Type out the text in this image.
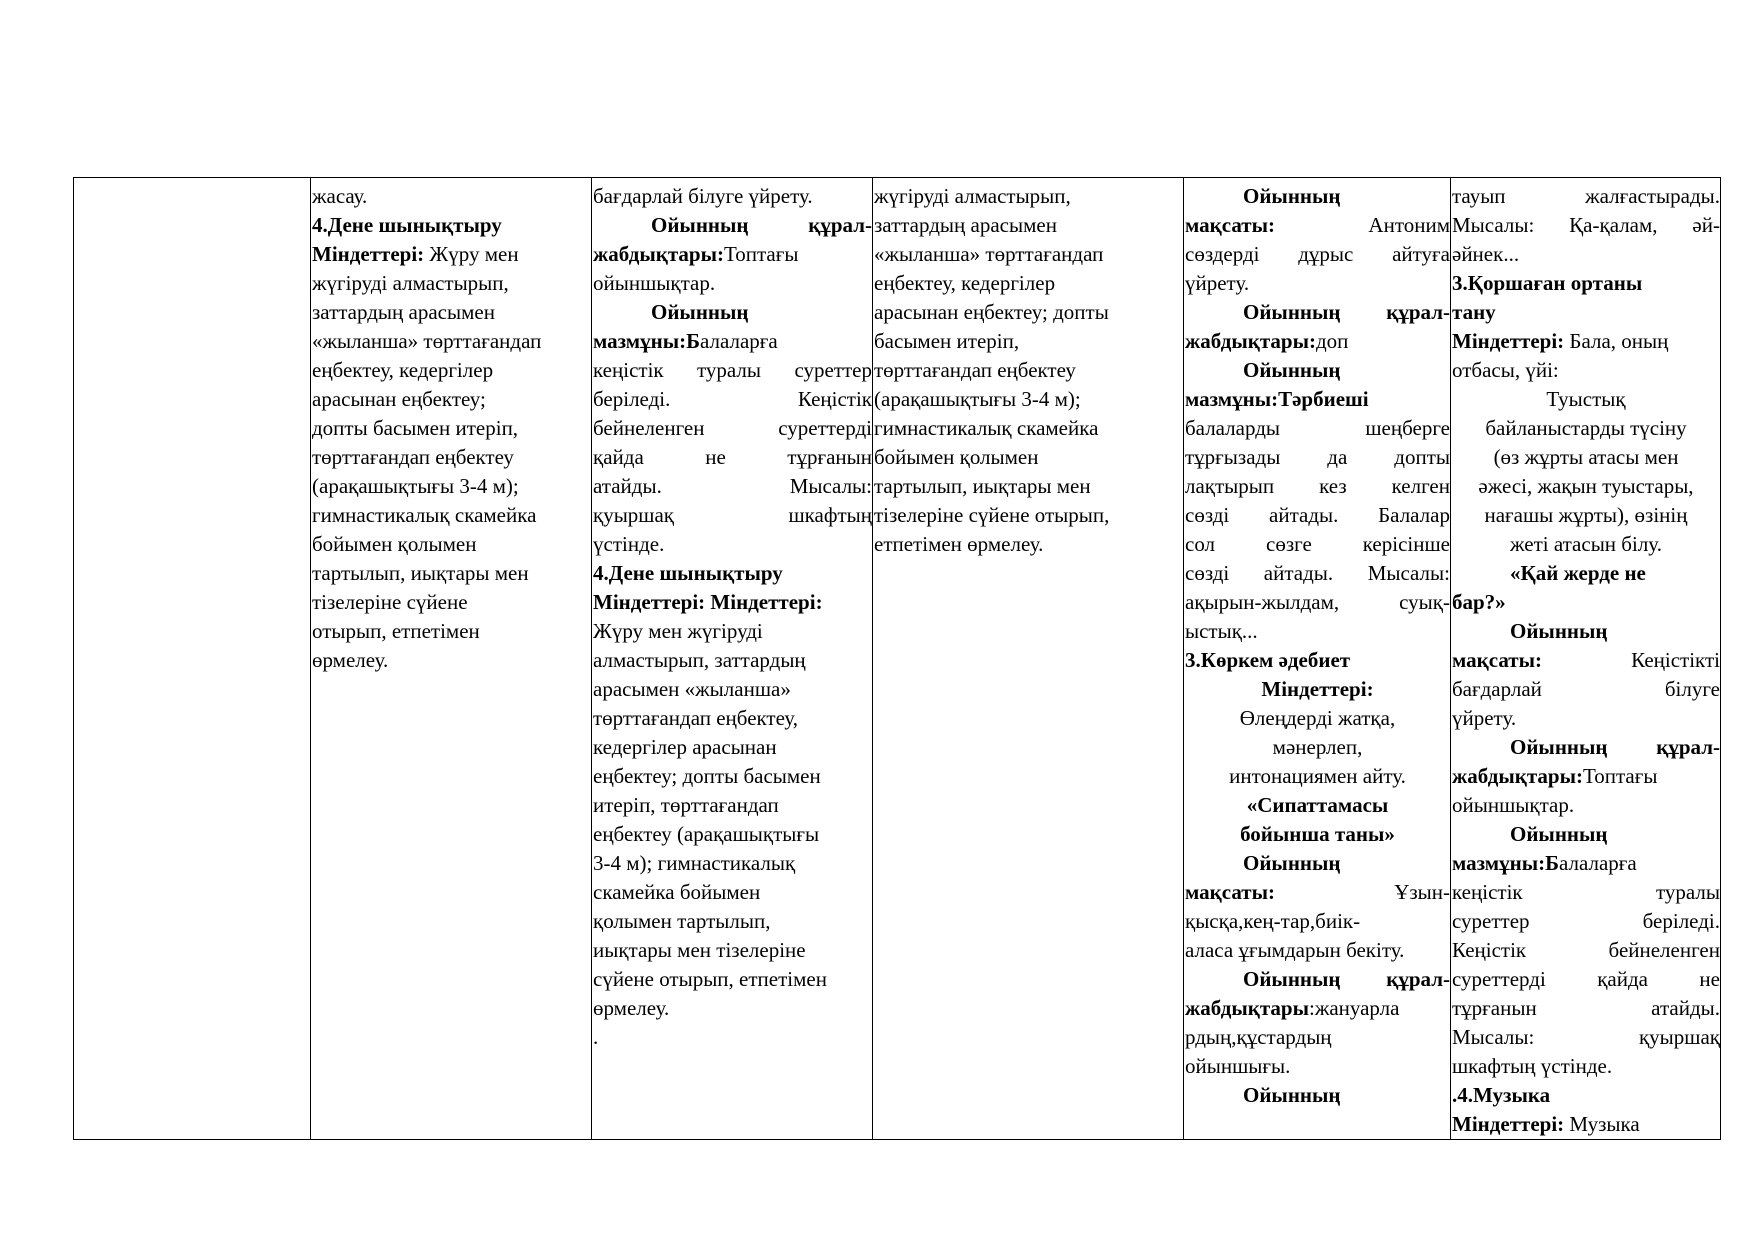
жасау.
4.Дене шынықтыру
Міндеттері: Жүру мен
жүгіруді алмастырып,
заттардың арасымен
«жыланша» төрттағандап
еңбектеу, кедергілер
арасынан еңбектеу;
допты басымен итеріп,
төрттағандап еңбектеу
(арақашықтығы 3-4 м);
гимнастикалық скамейка
бойымен қолымен
тартылып, иықтары мен
тізелеріне сүйене
отырып, етпетімен
өрмелеу.

бағдарлай білуге үйрету.
Ойынның	құрал-
жабдықтары:Топтағы
ойыншықтар.
Ойынның
мазмұны:Балаларға
кеңістік туралы суреттер
беріледі.	Кеңістік
бейнеленген	суреттерді
қайда	не	тұрғанын
атайды.	Мысалы:
қуыршақ	шкафтың
үстінде.
4.Дене шынықтыру
Міндеттері: Міндеттері:
Жүру мен жүгіруді
алмастырып, заттардың
арасымен «жыланша»
төрттағандап еңбектеу,
кедергілер арасынан
еңбектеу; допты басымен
итеріп, төрттағандап
еңбектеу (арақашықтығы
3-4 м); гимнастикалық
скамейка бойымен
қолымен тартылып,
иықтары мен тізелеріне
сүйене отырып, етпетімен
өрмелеу.
.

жүгіруді алмастырып,
заттардың арасымен
«жыланша» төрттағандап
еңбектеу, кедергілер
арасынан еңбектеу; допты
басымен итеріп,
төрттағандап еңбектеу
(арақашықтығы 3-4 м);
гимнастикалық скамейка
бойымен қолымен
тартылып, иықтары мен
тізелеріне сүйене отырып,
етпетімен өрмелеу.

Ойынның
мақсаты:	Антоним
сөздерді дұрыс айтуға
үйрету.
Ойынның құрал-
жабдықтары:доп
Ойынның
мазмұны:Тәрбиеші
балаларды	шеңберге
тұрғызады да допты
лақтырып кез келген
сөзді айтады. Балалар
сол сөзге керісінше
сөзді айтады. Мысалы:
ақырын-жылдам,	суық-
ыстық...
3.Көркем әдебиет
Міндеттері:
Өлеңдерді жатқа,
мәнерлеп,
интонациямен айту.
«Сипаттамасы
бойынша таны»
Ойынның
мақсаты:	Ұзын-
қысқа,кең-тар,биік-
аласа ұғымдарын бекіту.
Ойынның құрал-
жабдықтары:жануарла
рдың,құстардың
ойыншығы.
Ойынның

тауып	жалғастырады.
Мысалы: Қа-қалам, әй-
әйнек...
3.Қоршаған ортаны
тану
Міндеттері: Бала, оның
отбасы, үйі:
Туыстық
байланыстарды түсіну
(өз жұрты атасы мен
әжесі, жақын туыстары,
нағашы жұрты), өзінің
жеті атасын білу.
«Қай жерде не
бар?»
Ойынның
мақсаты:	Кеңістікті
бағдарлай	білуге
үйрету.
Ойынның құрал-
жабдықтары:Топтағы
ойыншықтар.
Ойынның
мазмұны:Балаларға
кеңістік	туралы
суреттер	беріледі.
Кеңістік	бейнеленген
суреттерді қайда не
тұрғанын	атайды.
Мысалы:	қуыршақ
шкафтың үстінде.
.4.Музыка
Міндеттері: Музыка
